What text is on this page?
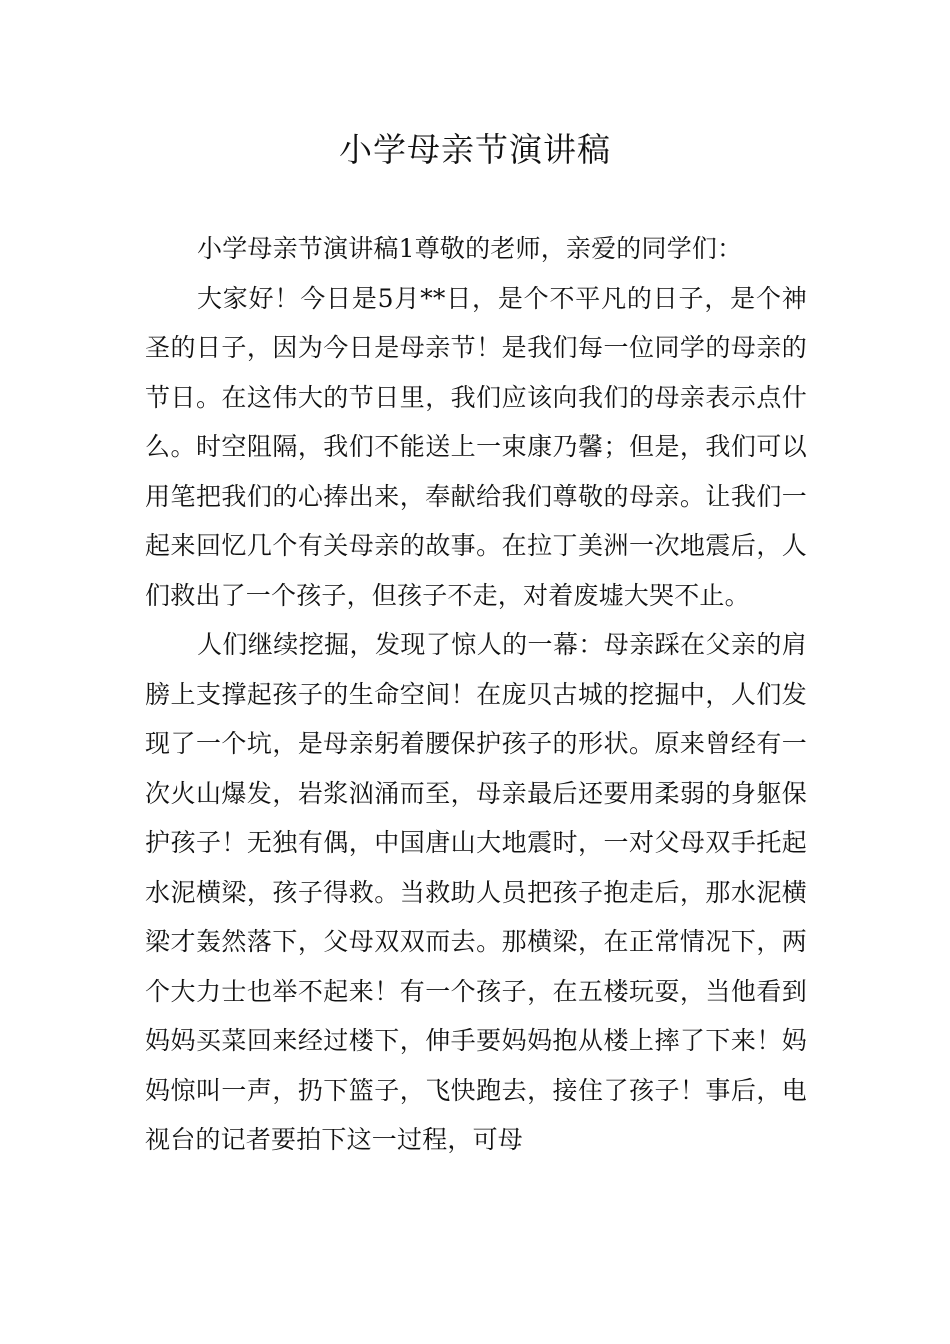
小学母亲节演讲稿

小学母亲节演讲稿1尊敬的老师，亲爱的同学们：

大家好！今日是5月**日，是个不平凡的日子，是个神圣的日子，因为今日是母亲节！是我们每一位同学的母亲的节日。在这伟大的节日里，我们应该向我们的母亲表示点什么。时空阻隔，我们不能送上一束康乃馨；但是，我们可以用笔把我们的心捧出来，奉献给我们尊敬的母亲。让我们一起来回忆几个有关母亲的故事。在拉丁美洲一次地震后，人们救出了一个孩子，但孩子不走，对着废墟大哭不止。

人们继续挖掘，发现了惊人的一幕：母亲踩在父亲的肩膀上支撑起孩子的生命空间！在庞贝古城的挖掘中，人们发现了一个坑，是母亲躬着腰保护孩子的形状。原来曾经有一次火山爆发，岩浆汹涌而至，母亲最后还要用柔弱的身躯保护孩子！无独有偶，中国唐山大地震时，一对父母双手托起水泥横梁，孩子得救。当救助人员把孩子抱走后，那水泥横梁才轰然落下，父母双双而去。那横梁，在正常情况下，两个大力士也举不起来！有一个孩子，在五楼玩耍，当他看到妈妈买菜回来经过楼下，伸手要妈妈抱从楼上摔了下来！妈妈惊叫一声，扔下篮子，飞快跑去，接住了孩子！事后，电视台的记者要拍下这一过程，可母
